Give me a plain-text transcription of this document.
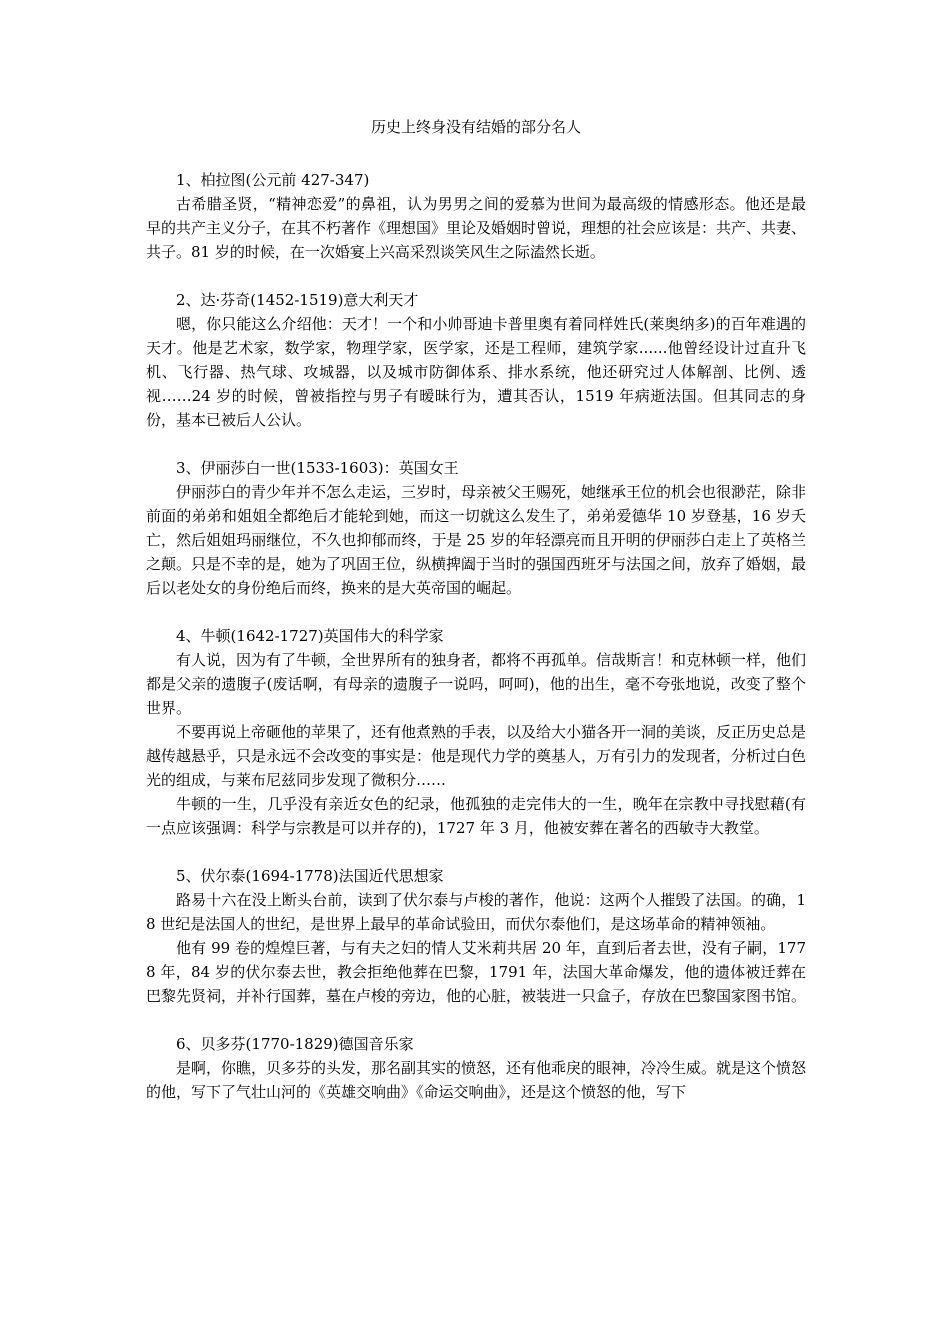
历史上终身没有结婚的部分名人

1、柏拉图(公元前 427-347)

古希腊圣贤，“精神恋爱”的鼻祖，认为男男之间的爱慕为世间为最高级的情感形态。他还是最早的共产主义分子，在其不朽著作《理想国》里论及婚姻时曾说，理想的社会应该是：共产、共妻、共子。81 岁的时候，在一次婚宴上兴高采烈谈笑风生之际溘然长逝。

2、达·芬奇(1452-1519)意大利天才

嗯，你只能这么介绍他：天才！一个和小帅哥迪卡普里奥有着同样姓氏(莱奥纳多)的百年难遇的天才。他是艺术家，数学家，物理学家，医学家，还是工程师，建筑学家......他曾经设计过直升飞机、飞行器、热气球、攻城器，以及城市防御体系、排水系统，他还研究过人体解剖、比例、透视……24 岁的时候，曾被指控与男子有暧昧行为，遭其否认，1519 年病逝法国。但其同志的身份，基本已被后人公认。

3、伊丽莎白一世(1533-1603)：英国女王

伊丽莎白的青少年并不怎么走运，三岁时，母亲被父王赐死，她继承王位的机会也很渺茫，除非前面的弟弟和姐姐全都绝后才能轮到她，而这一切就这么发生了，弟弟爱德华 10 岁登基，16 岁夭亡，然后姐姐玛丽继位，不久也抑郁而终，于是 25 岁的年轻漂亮而且开明的伊丽莎白走上了英格兰之颠。只是不幸的是，她为了巩固王位，纵横捭阖于当时的强国西班牙与法国之间，放弃了婚姻，最后以老处女的身份绝后而终，换来的是大英帝国的崛起。

4、牛顿(1642-1727)英国伟大的科学家

有人说，因为有了牛顿，全世界所有的独身者，都将不再孤单。信哉斯言！和克林顿一样，他们都是父亲的遗腹子(废话啊，有母亲的遗腹子一说吗，呵呵)，他的出生，毫不夸张地说，改变了整个世界。

不要再说上帝砸他的苹果了，还有他煮熟的手表，以及给大小猫各开一洞的美谈，反正历史总是越传越悬乎，只是永远不会改变的事实是：他是现代力学的奠基人，万有引力的发现者，分析过白色光的组成，与莱布尼兹同步发现了微积分……

牛顿的一生，几乎没有亲近女色的纪录，他孤独的走完伟大的一生，晚年在宗教中寻找慰藉(有一点应该强调：科学与宗教是可以并存的)，1727 年 3 月，他被安葬在著名的西敏寺大教堂。

5、伏尔泰(1694-1778)法国近代思想家

路易十六在没上断头台前，读到了伏尔泰与卢梭的著作，他说：这两个人摧毁了法国。的确，18 世纪是法国人的世纪，是世界上最早的革命试验田，而伏尔泰他们，是这场革命的精神领袖。

他有 99 卷的煌煌巨著，与有夫之妇的情人艾米莉共居 20 年，直到后者去世，没有子嗣，1778 年，84 岁的伏尔泰去世，教会拒绝他葬在巴黎，1791 年，法国大革命爆发，他的遗体被迁葬在巴黎先贤祠，并补行国葬，墓在卢梭的旁边，他的心脏，被装进一只盒子，存放在巴黎国家图书馆。

6、贝多芬(1770-1829)德国音乐家

是啊，你瞧，贝多芬的头发，那名副其实的愤怒，还有他乖戾的眼神，冷冷生威。就是这个愤怒的他，写下了气壮山河的《英雄交响曲》《命运交响曲》，还是这个愤怒的他，写下
